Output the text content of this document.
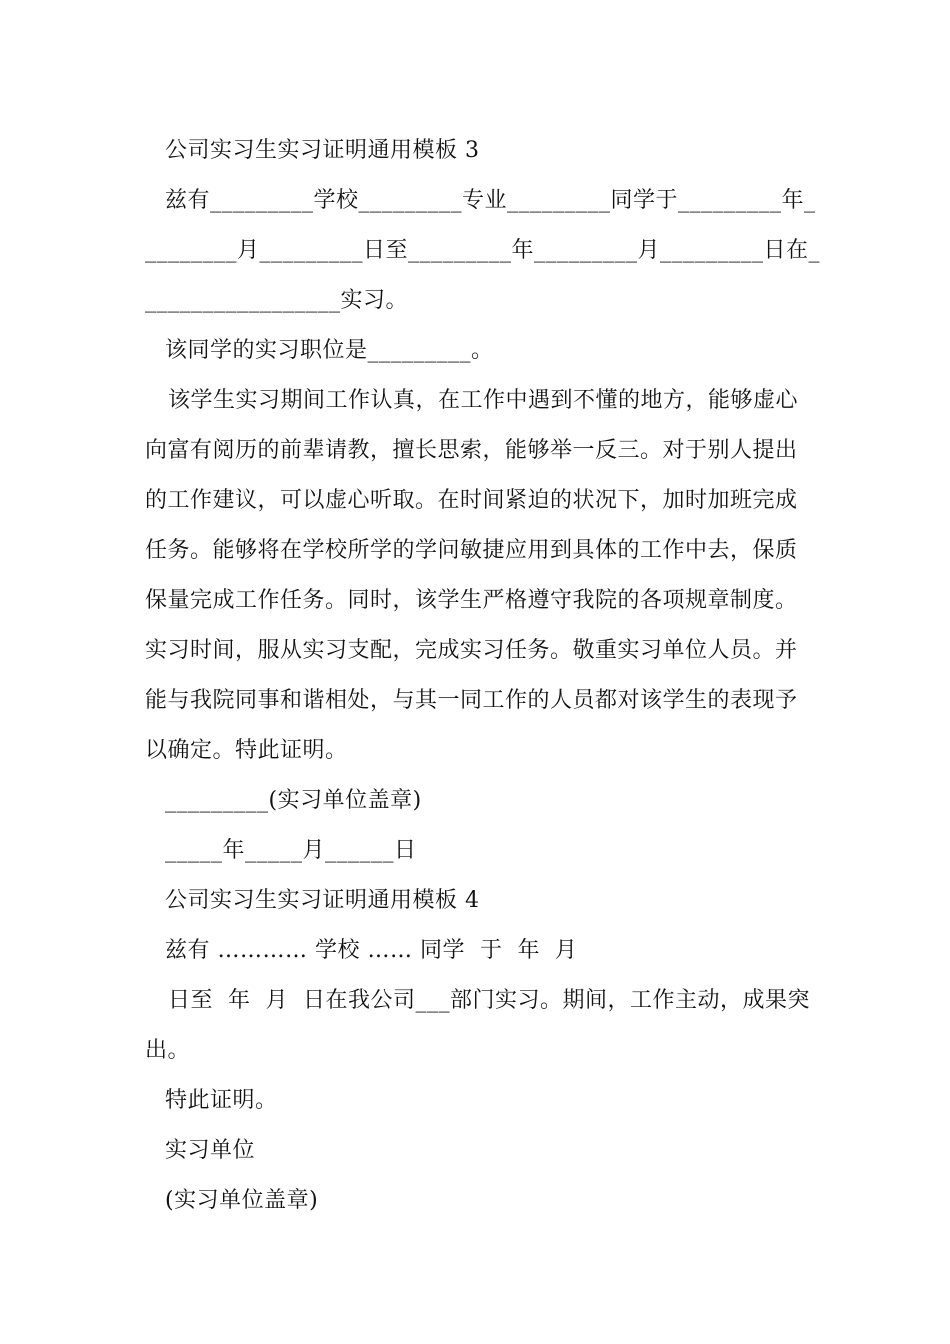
公司实习生实习证明通用模板 3
兹有_________学校_________专业_________同学于_________年_
________月_________日至_________年_________月_________日在_
_________________实习。
该同学的实习职位是_________。
该学生实习期间工作认真，在工作中遇到不懂的地方，能够虚心
向富有阅历的前辈请教，擅长思索，能够举一反三。对于别人提出
的工作建议，可以虚心听取。在时间紧迫的状况下，加时加班完成
任务。能够将在学校所学的学问敏捷应用到具体的工作中去，保质
保量完成工作任务。同时，该学生严格遵守我院的各项规章制度。
实习时间，服从实习支配，完成实习任务。敬重实习单位人员。并
能与我院同事和谐相处，与其一同工作的人员都对该学生的表现予
以确定。特此证明。
_________(实习单位盖章)
_____年_____月______日
公司实习生实习证明通用模板 4
兹有 ………… 学校 …… 同学  于  年  月
日至  年  月  日在我公司___部门实习。期间，工作主动，成果突
出。
特此证明。
实习单位
(实习单位盖章)
